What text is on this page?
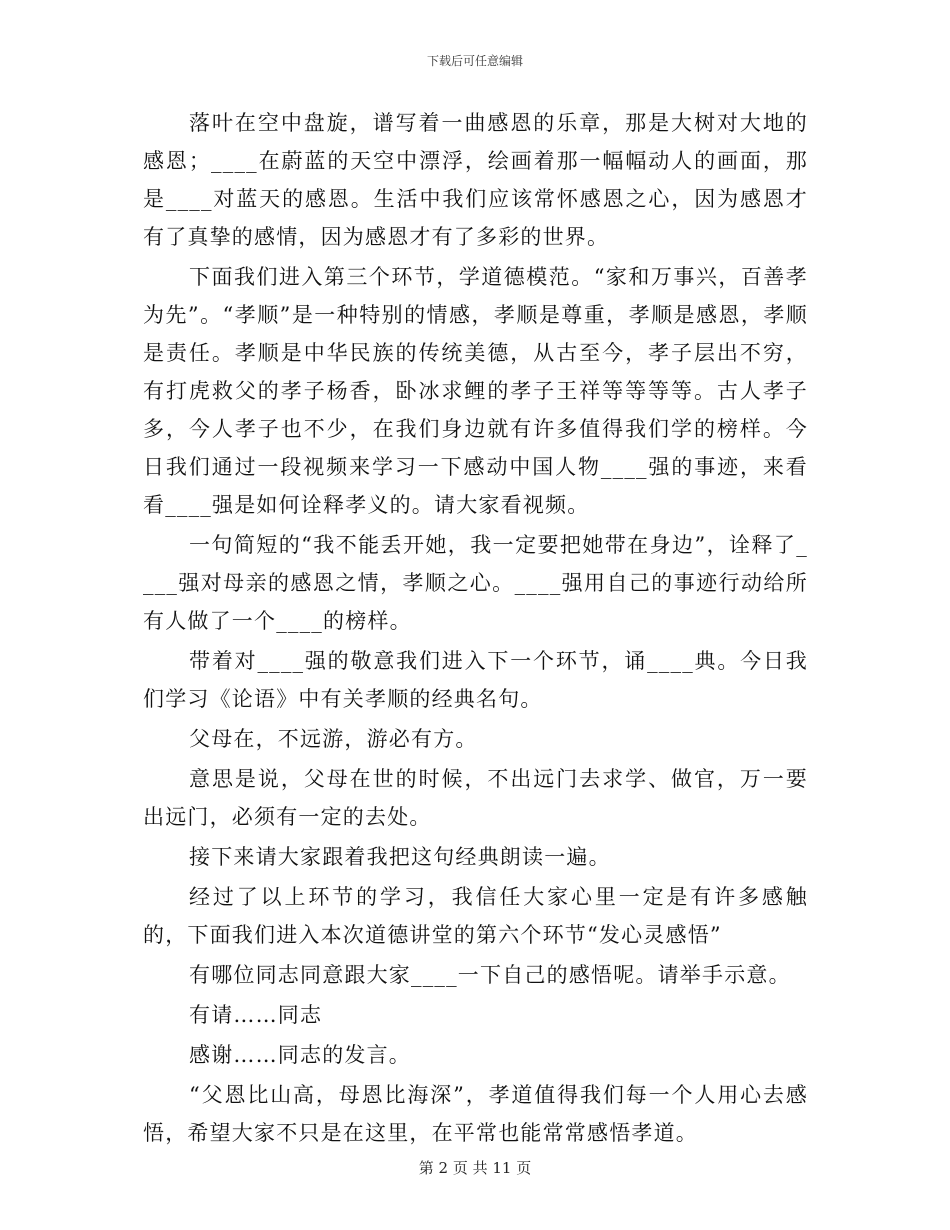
下载后可任意编辑

落叶在空中盘旋，谱写着一曲感恩的乐章，那是大树对大地的感恩；____在蔚蓝的天空中漂浮，绘画着那一幅幅动人的画面，那是____对蓝天的感恩。生活中我们应该常怀感恩之心，因为感恩才有了真挚的感情，因为感恩才有了多彩的世界。

下面我们进入第三个环节，学道德模范。“家和万事兴，百善孝为先”。“孝顺”是一种特别的情感，孝顺是尊重，孝顺是感恩，孝顺是责任。孝顺是中华民族的传统美德，从古至今，孝子层出不穷，有打虎救父的孝子杨香，卧冰求鲤的孝子王祥等等等等。古人孝子多，今人孝子也不少，在我们身边就有许多值得我们学的榜样。今日我们通过一段视频来学习一下感动中国人物____强的事迹，来看看____强是如何诠释孝义的。请大家看视频。

一句简短的“我不能丢开她，我一定要把她带在身边”，诠释了____强对母亲的感恩之情，孝顺之心。____强用自己的事迹行动给所有人做了一个____的榜样。

带着对____强的敬意我们进入下一个环节，诵____典。今日我们学习《论语》中有关孝顺的经典名句。

父母在，不远游，游必有方。

意思是说，父母在世的时候，不出远门去求学、做官，万一要出远门，必须有一定的去处。

接下来请大家跟着我把这句经典朗读一遍。

经过了以上环节的学习，我信任大家心里一定是有许多感触的，下面我们进入本次道德讲堂的第六个环节“发心灵感悟”

有哪位同志同意跟大家____一下自己的感悟呢。请举手示意。

有请……同志

感谢……同志的发言。

“父恩比山高，母恩比海深”，孝道值得我们每一个人用心去感悟，希望大家不只是在这里，在平常也能常常感悟孝道。

第 2 页 共 11 页
